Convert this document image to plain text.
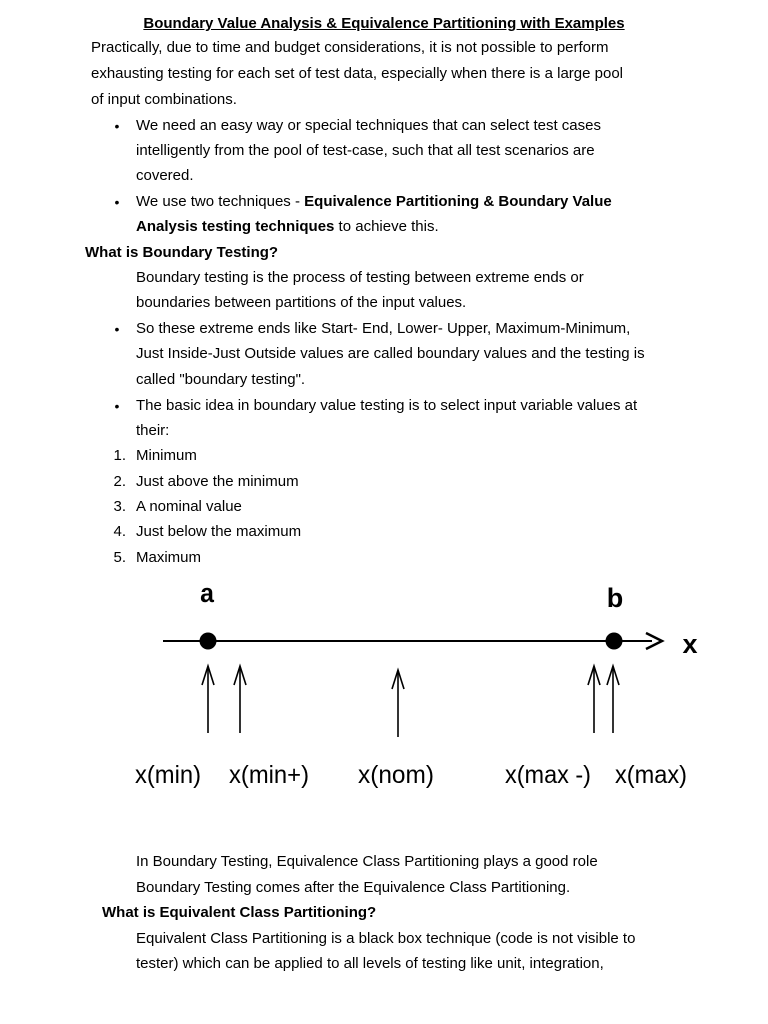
Boundary Value Analysis & Equivalence Partitioning with Examples
Practically, due to time and budget considerations, it is not possible to perform
exhausting testing for each set of test data, especially when there is a large pool
of input combinations.
• We need an easy way or special techniques that can select test cases
intelligently from the pool of test-case, such that all test scenarios are
covered.
• We use two techniques - Equivalence Partitioning & Boundary Value
Analysis testing techniques to achieve this.
What is Boundary Testing?
Boundary testing is the process of testing between extreme ends or
boundaries between partitions of the input values.
• So these extreme ends like Start- End, Lower- Upper, Maximum-Minimum,
Just Inside-Just Outside values are called boundary values and the testing is
called "boundary testing".
• The basic idea in boundary value testing is to select input variable values at
their:
1. Minimum
2. Just above the minimum
3. A nominal value
4. Just below the maximum
5. Maximum
a	b
x
x(min) x(min+) x(nom)	x(max -) x(max)
In Boundary Testing, Equivalence Class Partitioning plays a good role
Boundary Testing comes after the Equivalence Class Partitioning.
What is Equivalent Class Partitioning?
Equivalent Class Partitioning is a black box technique (code is not visible to
tester) which can be applied to all levels of testing like unit, integration,
